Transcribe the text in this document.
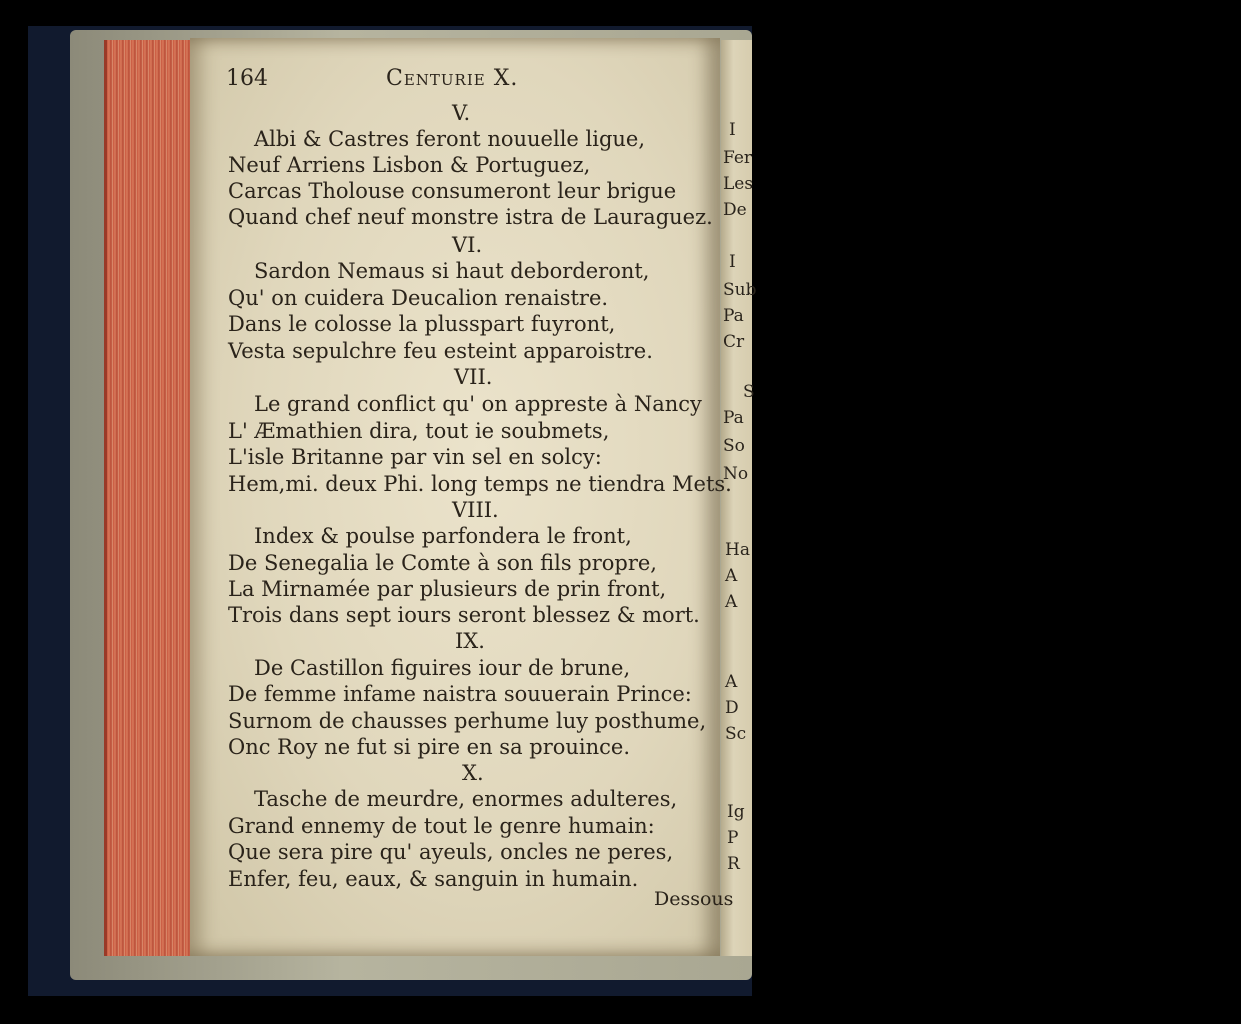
I
Fer
Les
De
I
Sub
Pa
Cr
S
Pa
So
No
Ha
A
A
A
D
Sc
Ig
P
R
164	Centurie X.
V.
Albi & Castres feront nouuelle ligue,
Neuf Arriens Lisbon & Portuguez,
Carcas Tholouse consumeront leur brigue
Quand chef neuf monstre istra de Lauraguez.
VI.
Sardon Nemaus si haut deborderont,
Qu' on cuidera Deucalion renaistre.
Dans le colosse la plusspart fuyront,
Vesta sepulchre feu esteint apparoistre.
VII.
Le grand conflict qu' on appreste à Nancy
L' Æmathien dira, tout ie soubmets,
L'isle Britanne par vin sel en solcy:
Hem,mi. deux Phi. long temps ne tiendra Mets.
VIII.
Index & poulse parfondera le front,
De Senegalia le Comte à son fils propre,
La Mirnamée par plusieurs de prin front,
Trois dans sept iours seront blessez & mort.
IX.
De Castillon figuires iour de brune,
De femme infame naistra souuerain Prince:
Surnom de chausses perhume luy posthume,
Onc Roy ne fut si pire en sa prouince.
X.
Tasche de meurdre, enormes adulteres,
Grand ennemy de tout le genre humain:
Que sera pire qu' ayeuls, oncles ne peres,
Enfer, feu, eaux, & sanguin in humain.
Dessous
